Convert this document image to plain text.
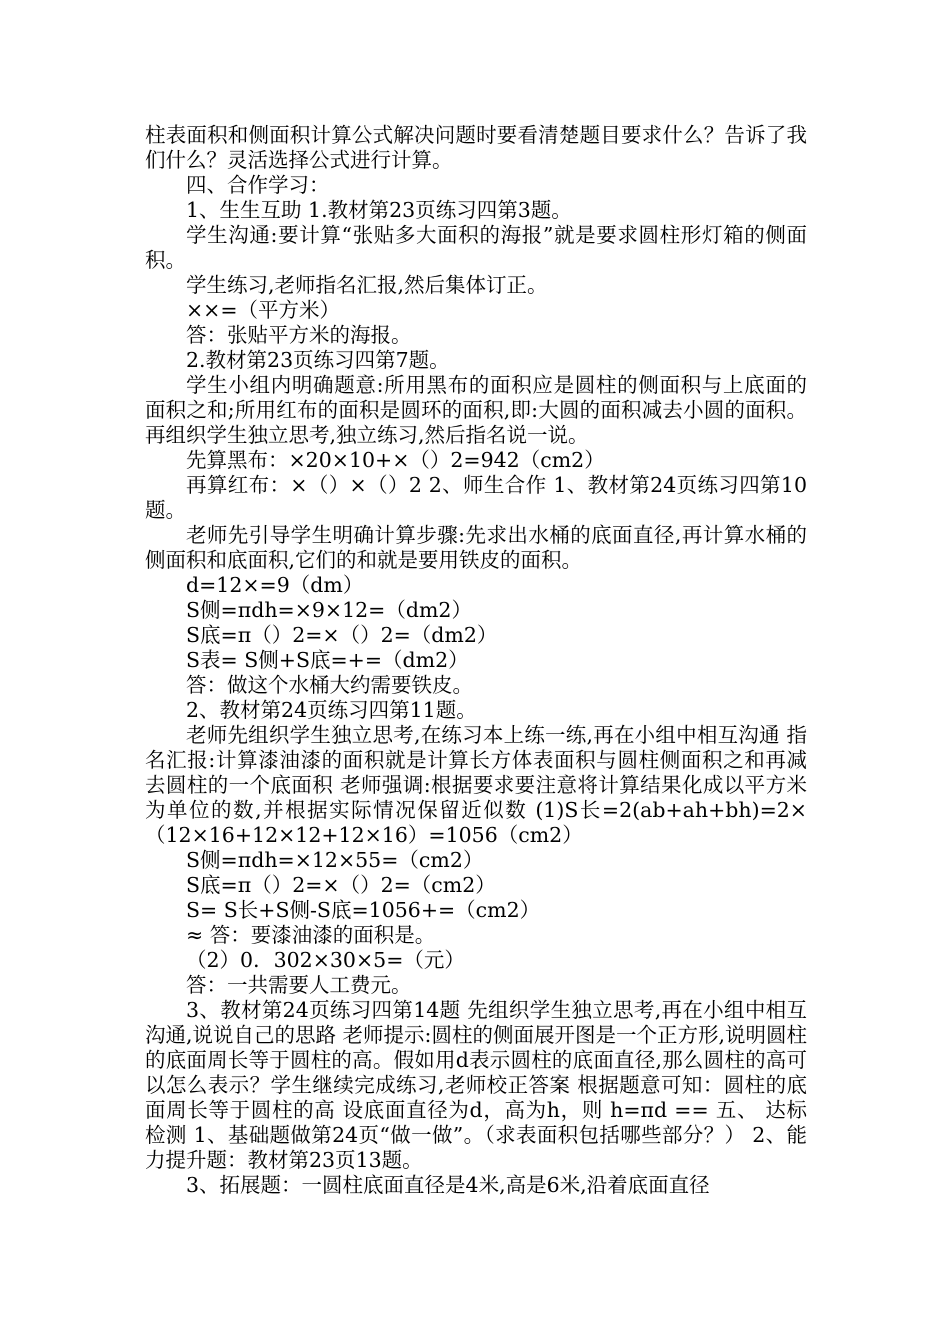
柱表面积和侧面积计算公式解决问题时要看清楚题目要求什么？告诉了我们什么？灵活选择公式进行计算。

四、合作学习：

1、生生互助 1.教材第23页练习四第3题。

学生沟通:要计算“张贴多大面积的海报”就是要求圆柱形灯箱的侧面积。

学生练习,老师指名汇报,然后集体订正。

××=（平方米）

答：张贴平方米的海报。

2.教材第23页练习四第7题。

学生小组内明确题意:所用黑布的面积应是圆柱的侧面积与上底面的面积之和;所用红布的面积是圆环的面积,即:大圆的面积减去小圆的面积。再组织学生独立思考,独立练习,然后指名说一说。

先算黑布：×20×10+×（）2=942（cm2）

再算红布：×（）×（）2 2、师生合作 1、教材第24页练习四第10题。

老师先引导学生明确计算步骤:先求出水桶的底面直径,再计算水桶的侧面积和底面积,它们的和就是要用铁皮的面积。

d=12×=9（dm）

S侧=πdh=×9×12=（dm2）

S底=π（）2=×（）2=（dm2）

S表= S侧+S底=+=（dm2）

答：做这个水桶大约需要铁皮。

2、教材第24页练习四第11题。

老师先组织学生独立思考,在练习本上练一练,再在小组中相互沟通 指名汇报:计算漆油漆的面积就是计算长方体表面积与圆柱侧面积之和再减去圆柱的一个底面积 老师强调:根据要求要注意将计算结果化成以平方米为单位的数,并根据实际情况保留近似数 (1)S长=2(ab+ah+bh)=2×（12×16+12×12+12×16）=1056（cm2）

S侧=πdh=×12×55=（cm2）

S底=π（）2=×（）2=（cm2）

S= S长+S侧-S底=1056+=（cm2）

≈ 答：要漆油漆的面积是。

（2）0．302×30×5=（元）

答：一共需要人工费元。

3、教材第24页练习四第14题 先组织学生独立思考,再在小组中相互沟通,说说自己的思路 老师提示:圆柱的侧面展开图是一个正方形,说明圆柱的底面周长等于圆柱的高。假如用d表示圆柱的底面直径,那么圆柱的高可以怎么表示？学生继续完成练习,老师校正答案 根据题意可知：圆柱的底面周长等于圆柱的高 设底面直径为d，高为h，则 h=πd == 五、 达标检测 1、基础题做第24页“做一做”。（求表面积包括哪些部分？） 2、能力提升题：教材第23页13题。

3、拓展题：一圆柱底面直径是4米,高是6米,沿着底面直径
